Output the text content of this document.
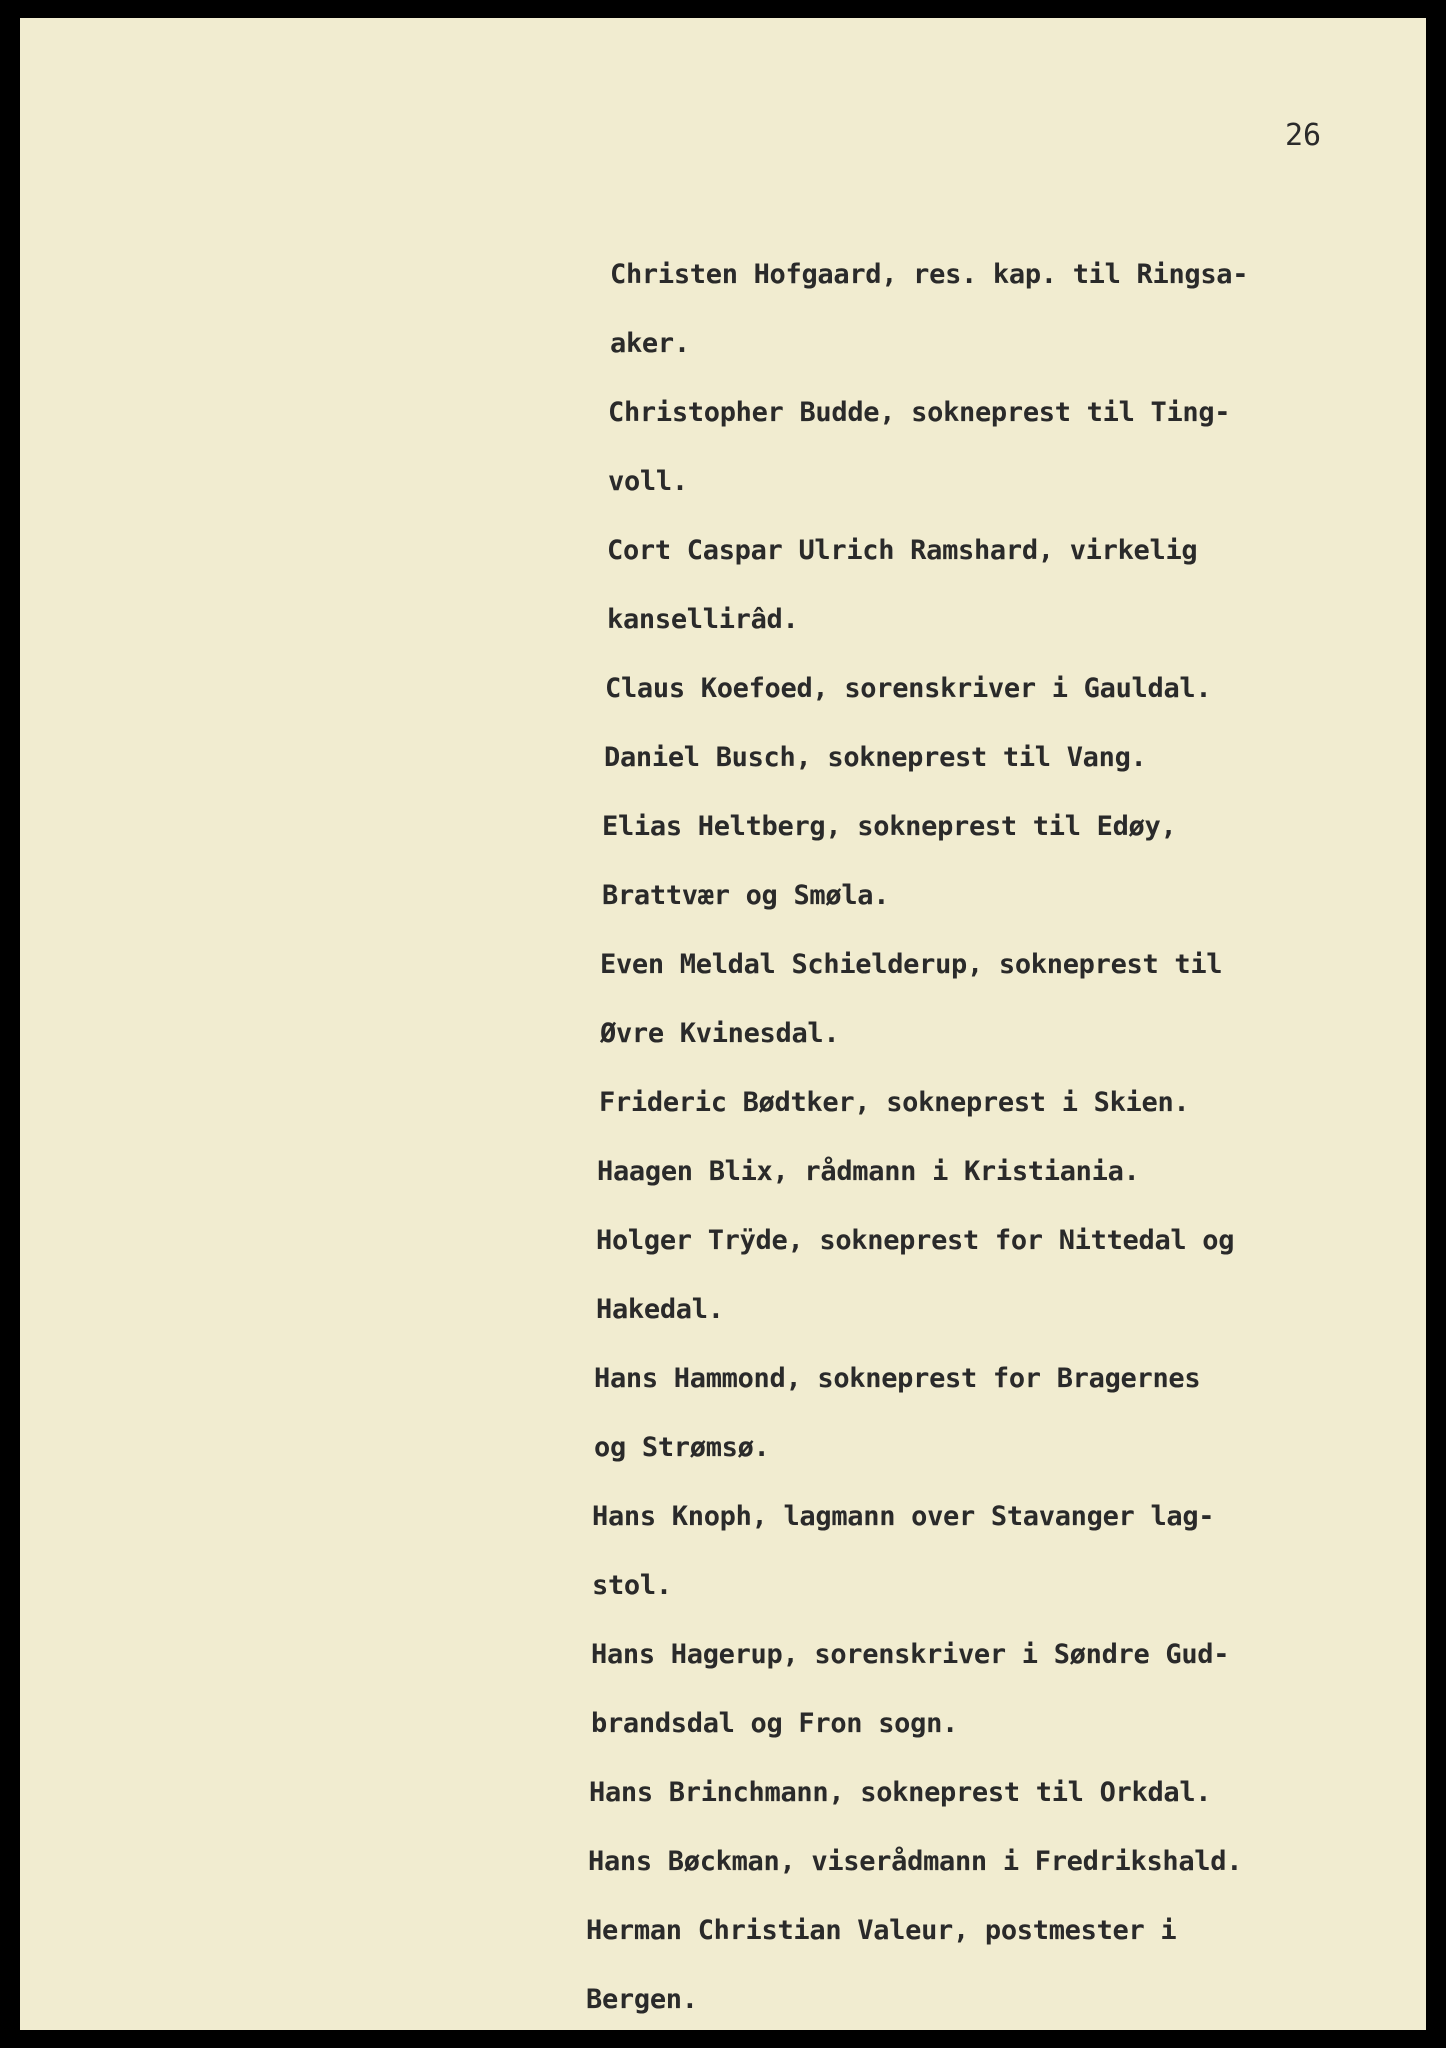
26
Christen Hofgaard, res. kap. til Ringsa-
aker.
Christopher Budde, sokneprest til Ting-
voll.
Cort Caspar Ulrich Ramshard, virkelig
kansellirâd.
Claus Koefoed, sorenskriver i Gauldal.
Daniel Busch, sokneprest til Vang.
Elias Heltberg, sokneprest til Edøy,
Brattvær og Smøla.
Even Meldal Schielderup, sokneprest til
Øvre Kvinesdal.
Frideric Bødtker, sokneprest i Skien.
Haagen Blix, rådmann i Kristiania.
Holger Trÿde, sokneprest for Nittedal og
Hakedal.
Hans Hammond, sokneprest for Bragernes
og Strømsø.
Hans Knoph, lagmann over Stavanger lag-
stol.
Hans Hagerup, sorenskriver i Søndre Gud-
brandsdal og Fron sogn.
Hans Brinchmann, sokneprest til Orkdal.
Hans Bøckman, viserådmann i Fredrikshald.
Herman Christian Valeur, postmester i
Bergen.
